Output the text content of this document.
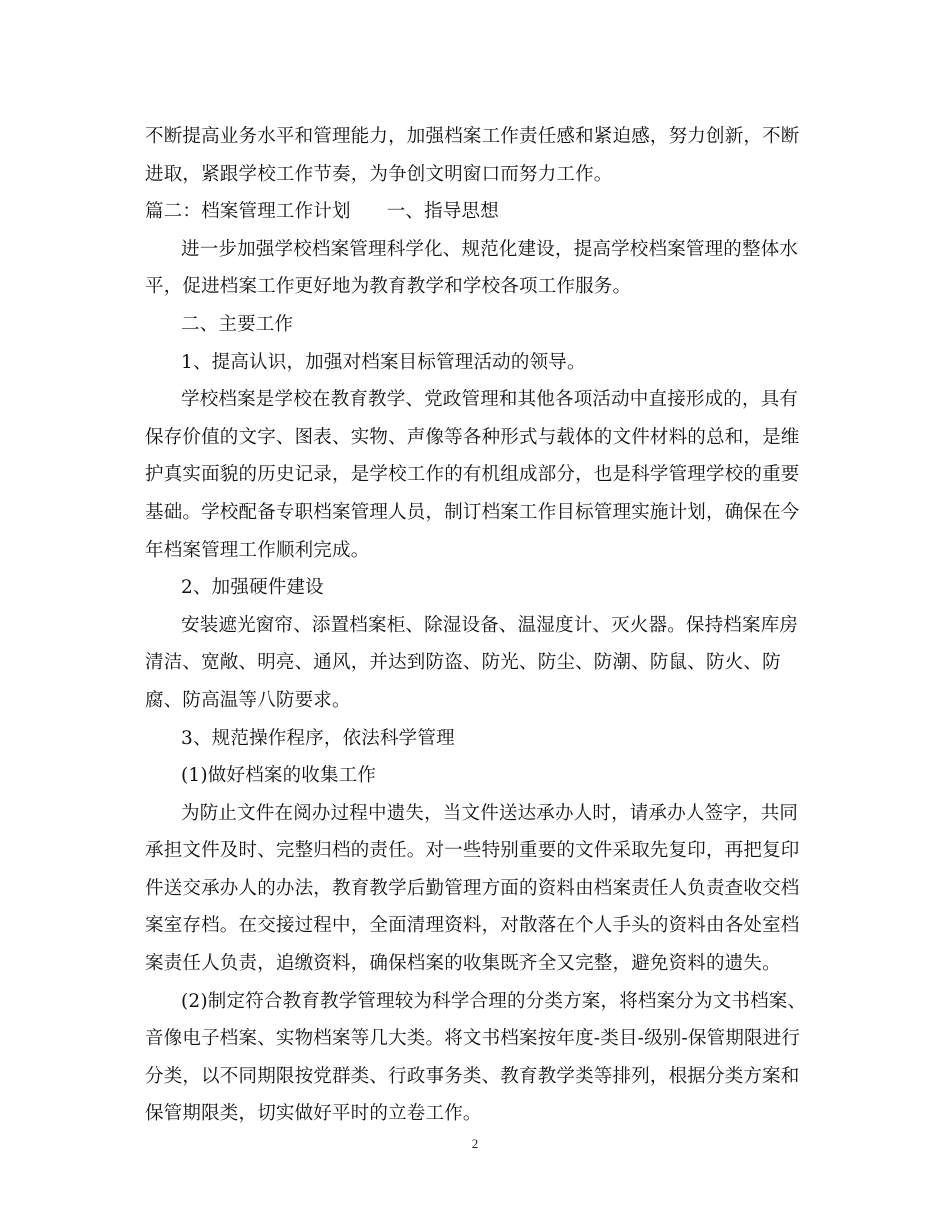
不断提高业务水平和管理能力，加强档案工作责任感和紧迫感，努力创新，不断
进取，紧跟学校工作节奏，为争创文明窗口而努力工作。
篇二：档案管理工作计划 一、指导思想
进一步加强学校档案管理科学化、规范化建设，提高学校档案管理的整体水
平，促进档案工作更好地为教育教学和学校各项工作服务。
二、主要工作
1、提高认识，加强对档案目标管理活动的领导。
学校档案是学校在教育教学、党政管理和其他各项活动中直接形成的，具有
保存价值的文字、图表、实物、声像等各种形式与载体的文件材料的总和，是维
护真实面貌的历史记录，是学校工作的有机组成部分，也是科学管理学校的重要
基础。学校配备专职档案管理人员，制订档案工作目标管理实施计划，确保在今
年档案管理工作顺利完成。
2、加强硬件建设
安装遮光窗帘、添置档案柜、除湿设备、温湿度计、灭火器。保持档案库房
清洁、宽敞、明亮、通风，并达到防盗、防光、防尘、防潮、防鼠、防火、防
腐、防高温等八防要求。
3、规范操作程序，依法科学管理
(1)做好档案的收集工作
为防止文件在阅办过程中遗失，当文件送达承办人时，请承办人签字，共同
承担文件及时、完整归档的责任。对一些特别重要的文件采取先复印，再把复印
件送交承办人的办法，教育教学后勤管理方面的资料由档案责任人负责查收交档
案室存档。在交接过程中，全面清理资料，对散落在个人手头的资料由各处室档
案责任人负责，追缴资料，确保档案的收集既齐全又完整，避免资料的遗失。
(2)制定符合教育教学管理较为科学合理的分类方案，将档案分为文书档案、
音像电子档案、实物档案等几大类。将文书档案按年度-类目-级别-保管期限进行
分类，以不同期限按党群类、行政事务类、教育教学类等排列，根据分类方案和
保管期限类，切实做好平时的立卷工作。
2
